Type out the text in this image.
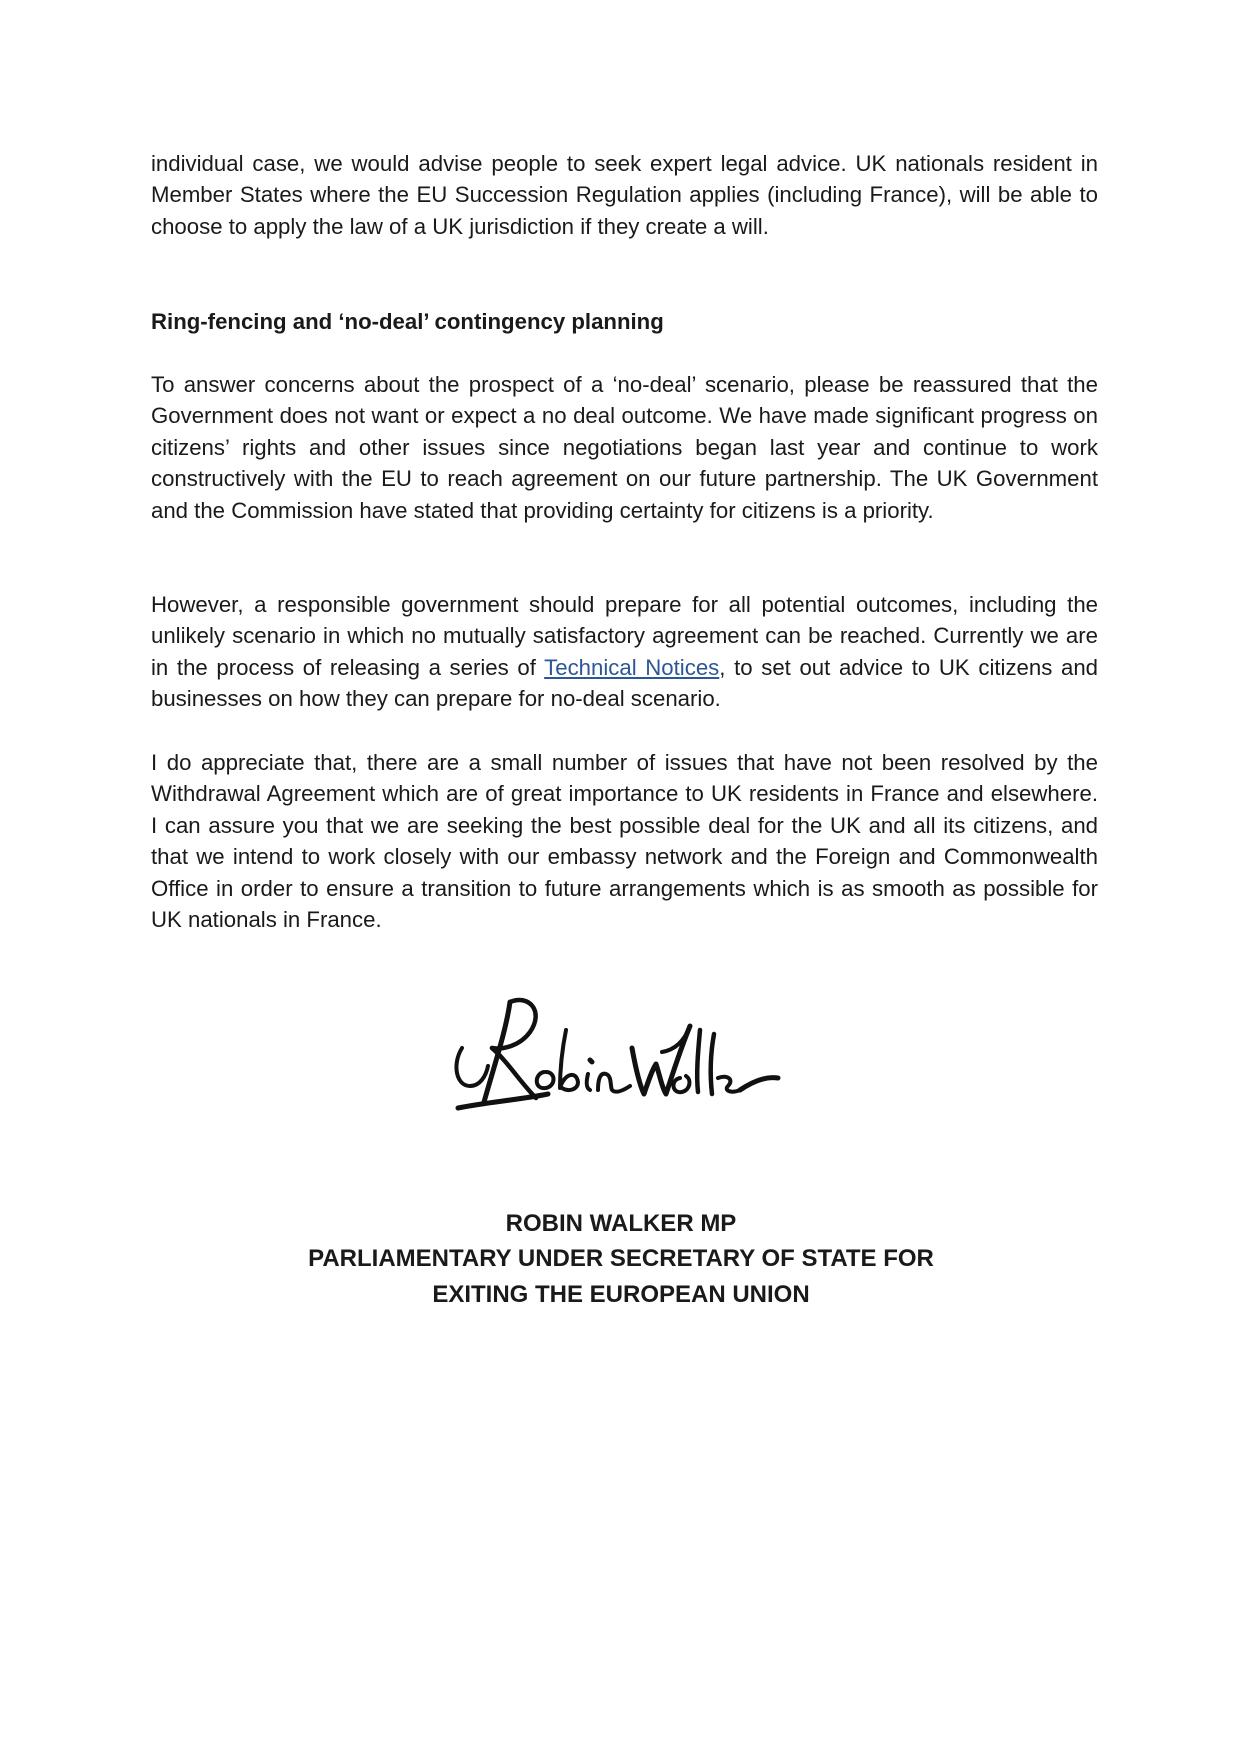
individual case, we would advise people to seek expert legal advice. UK nationals resident in Member States where the EU Succession Regulation applies (including France), will be able to choose to apply the law of a UK jurisdiction if they create a will.

Ring-fencing and ‘no-deal’ contingency planning

To answer concerns about the prospect of a ‘no-deal’ scenario, please be reassured that the Government does not want or expect a no deal outcome. We have made significant progress on citizens’ rights and other issues since negotiations began last year and continue to work constructively with the EU to reach agreement on our future partnership. The UK Government and the Commission have stated that providing certainty for citizens is a priority.

However, a responsible government should prepare for all potential outcomes, including the unlikely scenario in which no mutually satisfactory agreement can be reached. Currently we are in the process of releasing a series of Technical Notices, to set out advice to UK citizens and businesses on how they can prepare for no-deal scenario.

I do appreciate that, there are a small number of issues that have not been resolved by the Withdrawal Agreement which are of great importance to UK residents in France and elsewhere. I can assure you that we are seeking the best possible deal for the UK and all its citizens, and that we intend to work closely with our embassy network and the Foreign and Commonwealth Office in order to ensure a transition to future arrangements which is as smooth as possible for UK nationals in France.

ROBIN WALKER MP

PARLIAMENTARY UNDER SECRETARY OF STATE FOR

EXITING THE EUROPEAN UNION
